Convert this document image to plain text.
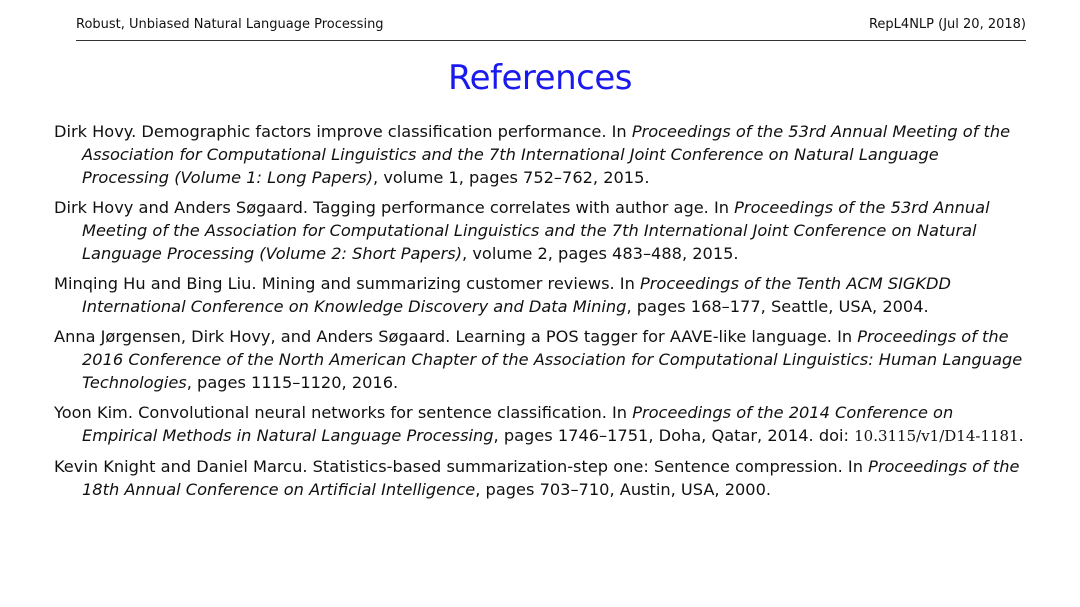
Robust, Unbiased Natural Language Processing	RepL4NLP (Jul 20, 2018)
References
Dirk Hovy. Demographic factors improve classification performance. In Proceedings of the 53rd Annual Meeting of the Association for Computational Linguistics and the 7th International Joint Conference on Natural Language Processing (Volume 1: Long Papers), volume 1, pages 752–762, 2015.
Dirk Hovy and Anders Søgaard. Tagging performance correlates with author age. In Proceedings of the 53rd Annual Meeting of the Association for Computational Linguistics and the 7th International Joint Conference on Natural Language Processing (Volume 2: Short Papers), volume 2, pages 483–488, 2015.
Minqing Hu and Bing Liu. Mining and summarizing customer reviews. In Proceedings of the Tenth ACM SIGKDD International Conference on Knowledge Discovery and Data Mining, pages 168–177, Seattle, USA, 2004.
Anna Jørgensen, Dirk Hovy, and Anders Søgaard. Learning a POS tagger for AAVE-like language. In Proceedings of the 2016 Conference of the North American Chapter of the Association for Computational Linguistics: Human Language Technologies, pages 1115–1120, 2016.
Yoon Kim. Convolutional neural networks for sentence classification. In Proceedings of the 2014 Conference on Empirical Methods in Natural Language Processing, pages 1746–1751, Doha, Qatar, 2014. doi: 10.3115/v1/D14-1181.
Kevin Knight and Daniel Marcu. Statistics-based summarization-step one: Sentence compression. In Proceedings of the 18th Annual Conference on Artificial Intelligence, pages 703–710, Austin, USA, 2000.
